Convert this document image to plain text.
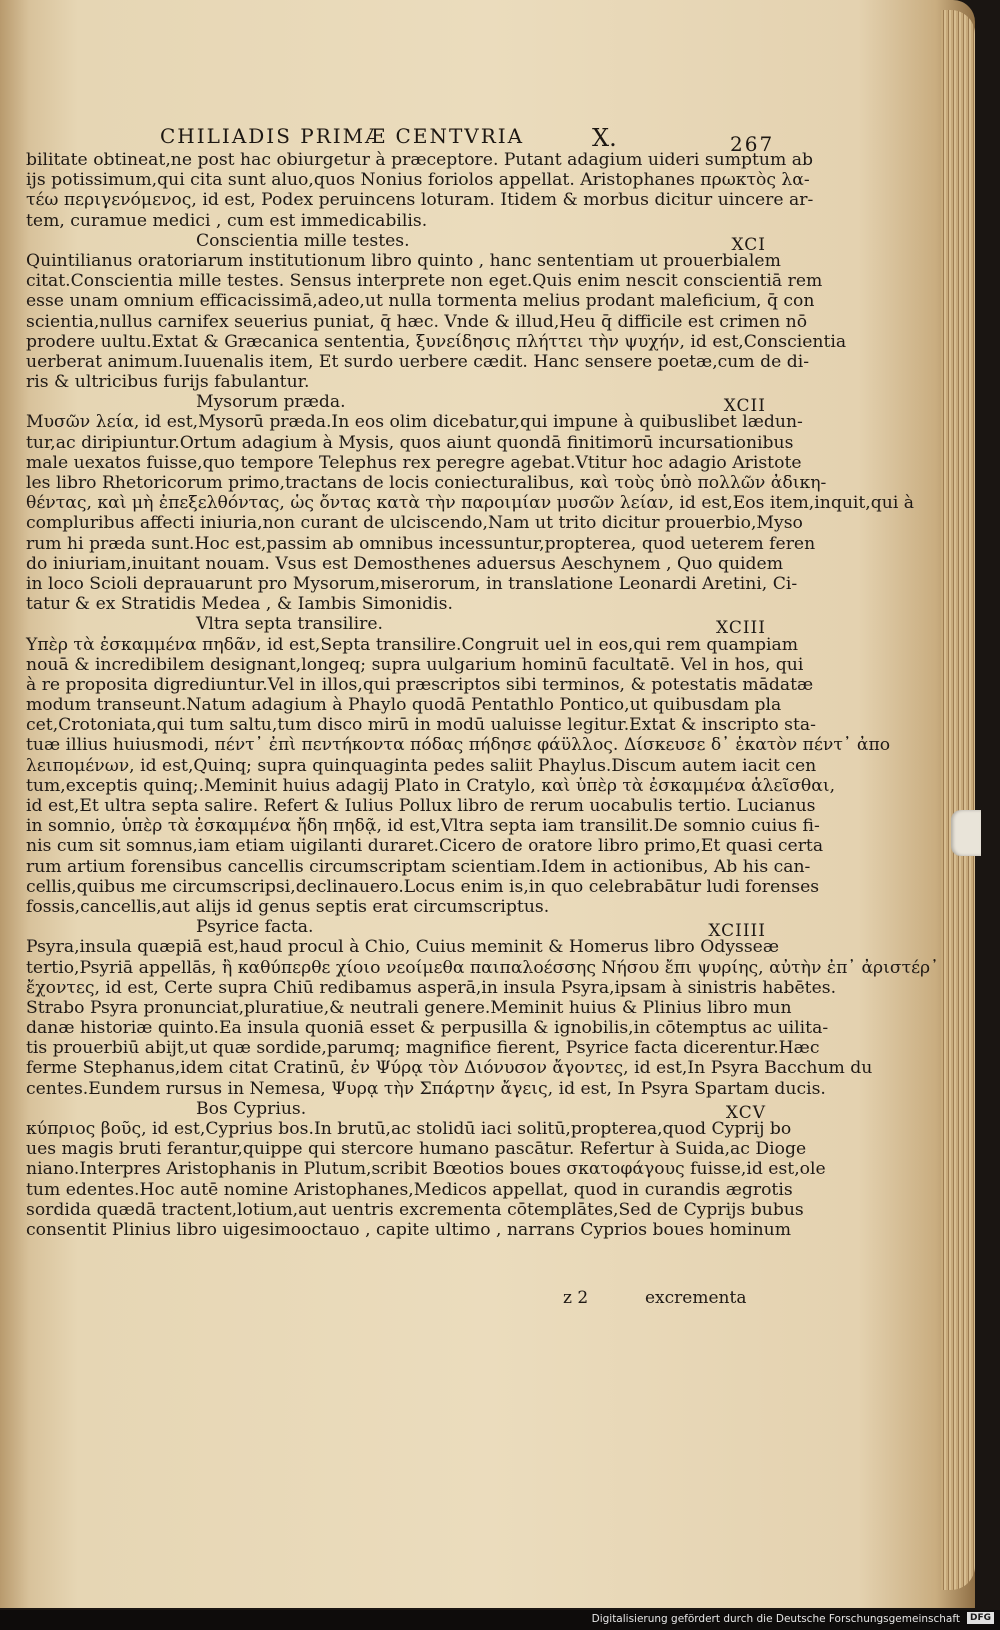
CHILIADIS PRIMÆ CENTVRIA	X.	267
bilitate obtineat,ne post hac obiurgetur à præceptore. Putant adagium uideri sumptum ab
ijs potissimum,qui cita sunt aluo,quos Nonius foriolos appellat. Aristophanes πρωκτὸς λα-
τέω περιγενόμενος, id est, Podex peruincens loturam. Itidem & morbus dicitur uincere ar-
tem, curamue medici , cum est immedicabilis.
Conscientia mille testes.	XCI
Quintilianus oratoriarum institutionum libro quinto , hanc sententiam ut prouerbialem
citat.Conscientia mille testes. Sensus interprete non eget.Quis enim nescit conscientiā rem
esse unam omnium efficacissimā,adeo,ut nulla tormenta melius prodant maleficium, q̄ con
scientia,nullus carnifex seuerius puniat, q̄ hæc. Vnde & illud,Heu q̄ difficile est crimen nō
prodere uultu.Extat & Græcanica sententia, ξυνείδησις πλήττει τὴν ψυχήν, id est,Conscientia
uerberat animum.Iuuenalis item, Et surdo uerbere cædit. Hanc sensere poetæ,cum de di-
ris & ultricibus furijs fabulantur.
Mysorum præda.	XCII
Μυσῶν λεία, id est,Mysorū præda.In eos olim dicebatur,qui impune à quibuslibet lædun-
tur,ac diripiuntur.Ortum adagium à Mysis, quos aiunt quondā finitimorū incursationibus
male uexatos fuisse,quo tempore Telephus rex peregre agebat.Vtitur hoc adagio Aristote
les libro Rhetoricorum primo,tractans de locis coniecturalibus, καὶ τοὺς ὑπὸ πολλῶν ἀδικη-
θέντας, καὶ μὴ ἐπεξελθόντας, ὡς ὄντας κατὰ τὴν παροιμίαν μυσῶν λείαν, id est,Eos item,inquit,qui à
compluribus affecti iniuria,non curant de ulciscendo,Nam ut trito dicitur prouerbio,Myso
rum hi præda sunt.Hoc est,passim ab omnibus incessuntur,propterea, quod ueterem feren
do iniuriam,inuitant nouam. Vsus est Demosthenes aduersus Aeschynem , Quo quidem
in loco Scioli deprauarunt pro Mysorum,miserorum, in translatione Leonardi Aretini, Ci-
tatur & ex Stratidis Medea , & Iambis Simonidis.
Vltra septa transilire.	XCIII
Υπὲρ τὰ ἐσκαμμένα πηδᾶν, id est,Septa transilire.Congruit uel in eos,qui rem quampiam
nouā & incredibilem designant,longeq; supra uulgarium hominū facultatē. Vel in hos, qui
à re proposita digrediuntur.Vel in illos,qui præscriptos sibi terminos, & potestatis mādatæ
modum transeunt.Natum adagium à Phaylo quodā Pentathlo Pontico,ut quibusdam pla
cet,Crotoniata,qui tum saltu,tum disco mirū in modū ualuisse legitur.Extat & inscripto sta-
tuæ illius huiusmodi, πέντ᾽ ἐπὶ πεντήκοντα πόδας πήδησε φάϋλλος. Δίσκευσε δ᾽ ἑκατὸν πέντ᾽ ἀπο
λειπομένων, id est,Quinq; supra quinquaginta pedes saliit Phaylus.Discum autem iacit cen
tum,exceptis quinq;.Meminit huius adagij Plato in Cratylo, καὶ ὑπὲρ τὰ ἐσκαμμένα ἁλεῖσθαι,
id est,Et ultra septa salire. Refert & Iulius Pollux libro de rerum uocabulis tertio. Lucianus
in somnio, ὑπὲρ τὰ ἐσκαμμένα ἤδη πηδᾷ, id est,Vltra septa iam transilit.De somnio cuius fi-
nis cum sit somnus,iam etiam uigilanti duraret.Cicero de oratore libro primo,Et quasi certa
rum artium forensibus cancellis circumscriptam scientiam.Idem in actionibus, Ab his can-
cellis,quibus me circumscripsi,declinauero.Locus enim is,in quo celebrabātur ludi forenses
fossis,cancellis,aut alijs id genus septis erat circumscriptus.
Psyrice facta.	XCIIII
Psyra,insula quæpiā est,haud procul à Chio, Cuius meminit & Homerus libro Odysseæ
tertio,Psyriā appellās, ἢ καθύπερθε χίοιο νεοίμεθα παιπαλοέσσης Νήσου ἔπι ψυρίης, αὐτὴν ἐπ᾽ ἀριστέρ᾽
ἔχοντες, id est, Certe supra Chiū redibamus asperā,in insula Psyra,ipsam à sinistris habētes.
Strabo Psyra pronunciat,pluratiue,& neutrali genere.Meminit huius & Plinius libro mun
danæ historiæ quinto.Ea insula quoniā esset & perpusilla & ignobilis,in cōtemptus ac uilita-
tis prouerbiū abijt,ut quæ sordide,parumq; magnifice fierent, Psyrice facta dicerentur.Hæc
ferme Stephanus,idem citat Cratinū, ἐν Ψύρᾳ τὸν Διόνυσον ἄγοντες, id est,In Psyra Bacchum du
centes.Eundem rursus in Nemesa, Ψυρᾳ τὴν Σπάρτην ἄγεις, id est, In Psyra Spartam ducis.
Bos Cyprius.	XCV
κύπριος βοῦς, id est,Cyprius bos.In brutū,ac stolidū iaci solitū,propterea,quod Cyprij bo
ues magis bruti ferantur,quippe qui stercore humano pascātur. Refertur à Suida,ac Dioge
niano.Interpres Aristophanis in Plutum,scribit Bœotios boues σκατοφάγους fuisse,id est,ole
tum edentes.Hoc autē nomine Aristophanes,Medicos appellat, quod in curandis ægrotis
sordida quædā tractent,lotium,aut uentris excrementa cōtemplātes,Sed de Cyprijs bubus
consentit Plinius libro uigesimooctauo , capite ultimo , narrans Cyprios boues hominum
z 2	excrementa
Digitalisierung gefördert durch die Deutsche Forschungsgemeinschaft	DFG
